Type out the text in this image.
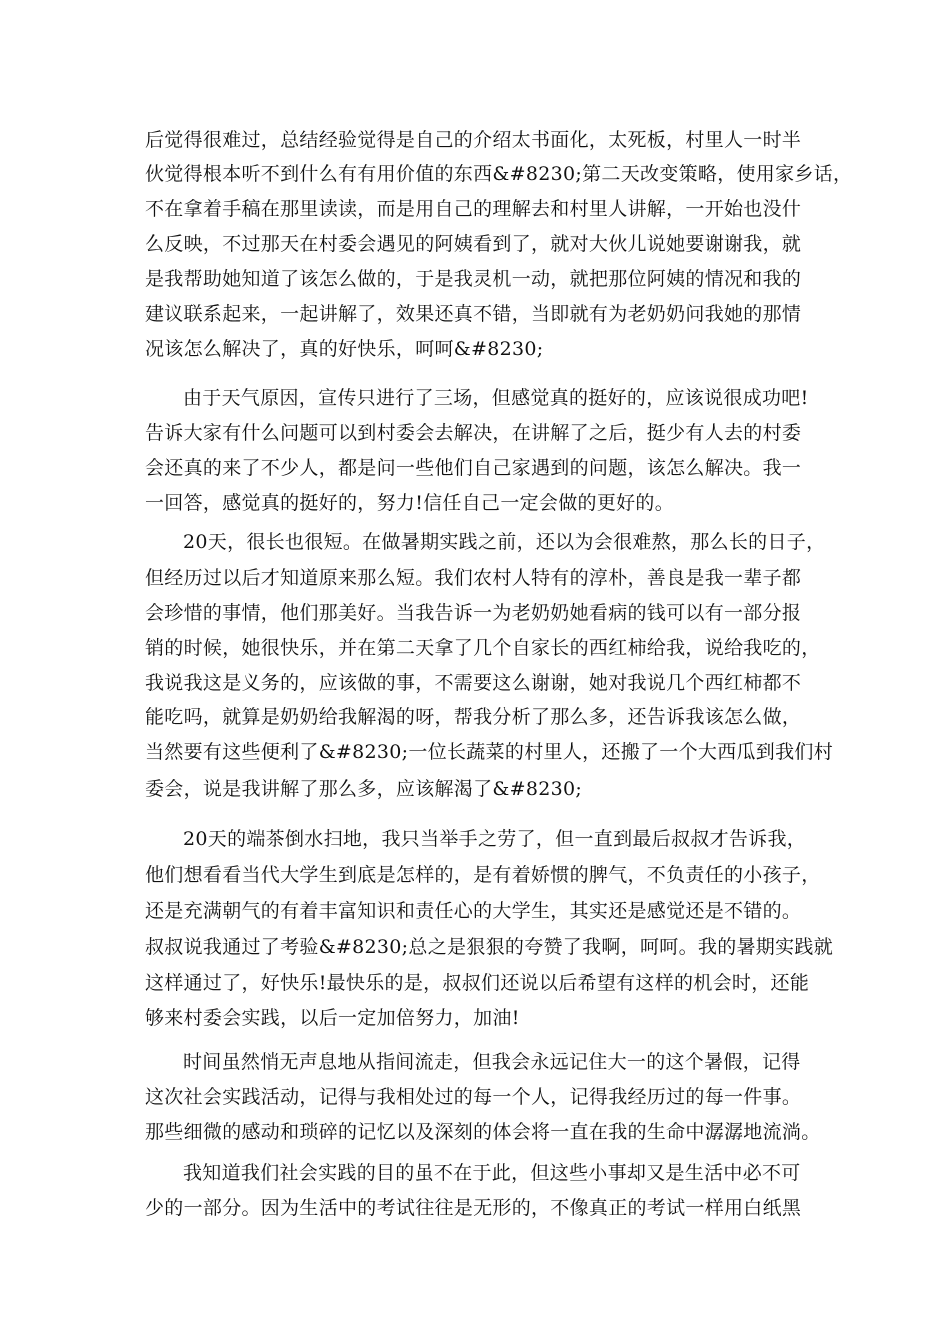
后觉得很难过，总结经验觉得是自己的介绍太书面化，太死板，村里人一时半
伙觉得根本听不到什么有有用价值的东西&#8230;第二天改变策略，使用家乡话，
不在拿着手稿在那里读读，而是用自己的理解去和村里人讲解，一开始也没什
么反映，不过那天在村委会遇见的阿姨看到了，就对大伙儿说她要谢谢我，就
是我帮助她知道了该怎么做的，于是我灵机一动，就把那位阿姨的情况和我的
建议联系起来，一起讲解了，效果还真不错，当即就有为老奶奶问我她的那情
况该怎么解决了，真的好快乐，呵呵&#8230;
由于天气原因，宣传只进行了三场，但感觉真的挺好的，应该说很成功吧!
告诉大家有什么问题可以到村委会去解决，在讲解了之后，挺少有人去的村委
会还真的来了不少人，都是问一些他们自己家遇到的问题，该怎么解决。我一
一回答，感觉真的挺好的，努力!信任自己一定会做的更好的。
20天，很长也很短。在做暑期实践之前，还以为会很难熬，那么长的日子，
但经历过以后才知道原来那么短。我们农村人特有的淳朴，善良是我一辈子都
会珍惜的事情，他们那美好。当我告诉一为老奶奶她看病的钱可以有一部分报
销的时候，她很快乐，并在第二天拿了几个自家长的西红柿给我，说给我吃的，
我说我这是义务的，应该做的事，不需要这么谢谢，她对我说几个西红柿都不
能吃吗，就算是奶奶给我解渴的呀，帮我分析了那么多，还告诉我该怎么做，
当然要有这些便利了&#8230;一位长蔬菜的村里人，还搬了一个大西瓜到我们村
委会，说是我讲解了那么多，应该解渴了&#8230;
20天的端茶倒水扫地，我只当举手之劳了，但一直到最后叔叔才告诉我，
他们想看看当代大学生到底是怎样的，是有着娇惯的脾气，不负责任的小孩子，
还是充满朝气的有着丰富知识和责任心的大学生，其实还是感觉还是不错的。
叔叔说我通过了考验&#8230;总之是狠狠的夸赞了我啊，呵呵。我的暑期实践就
这样通过了，好快乐!最快乐的是，叔叔们还说以后希望有这样的机会时，还能
够来村委会实践，以后一定加倍努力，加油!
时间虽然悄无声息地从指间流走，但我会永远记住大一的这个暑假，记得
这次社会实践活动，记得与我相处过的每一个人，记得我经历过的每一件事。
那些细微的感动和琐碎的记忆以及深刻的体会将一直在我的生命中潺潺地流淌。
我知道我们社会实践的目的虽不在于此，但这些小事却又是生活中必不可
少的一部分。因为生活中的考试往往是无形的，不像真正的考试一样用白纸黑
